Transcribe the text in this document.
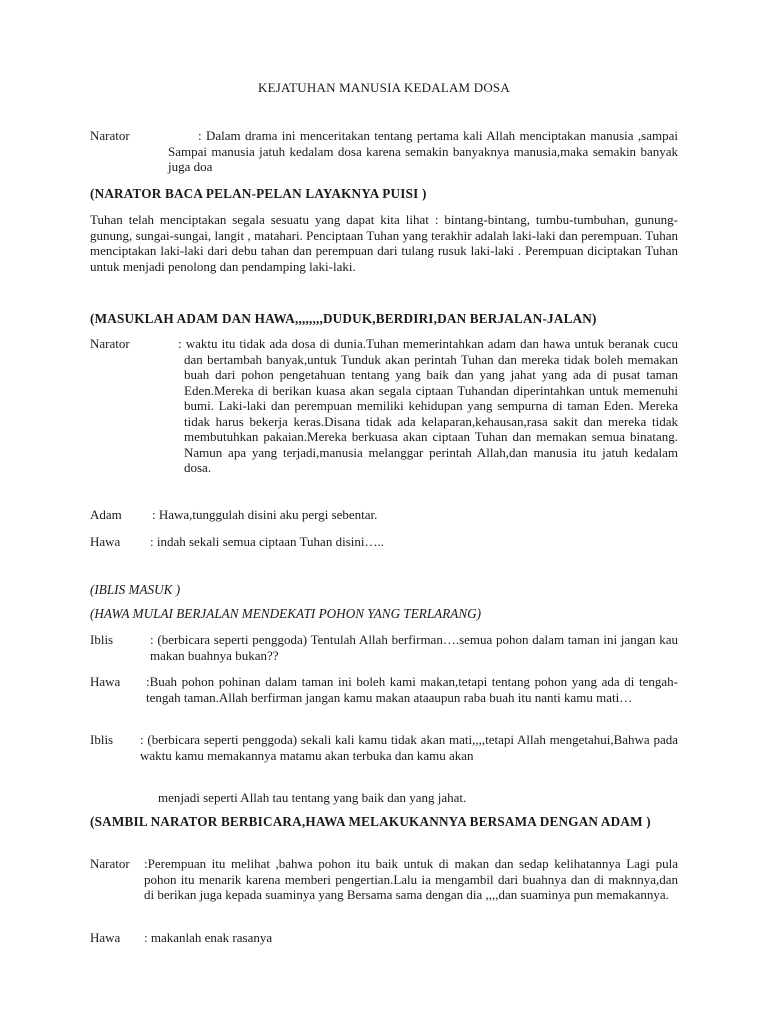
KEJATUHAN MANUSIA KEDALAM DOSA
Narator	: Dalam drama ini menceritakan tentang pertama kali Allah menciptakan manusia ,sampai Sampai manusia jatuh kedalam dosa karena semakin banyaknya manusia,maka semakin banyak juga doa
(NARATOR BACA PELAN-PELAN LAYAKNYA PUISI )
Tuhan telah menciptakan segala sesuatu yang dapat kita lihat : bintang-bintang, tumbu-tumbuhan, gunung-gunung, sungai-sungai, langit , matahari. Penciptaan Tuhan yang terakhir adalah laki-laki dan perempuan. Tuhan menciptakan laki-laki dari debu tahan dan perempuan dari tulang rusuk laki-laki . Perempuan diciptakan Tuhan untuk menjadi penolong dan pendamping laki-laki.
(MASUKLAH ADAM DAN HAWA,,,,,,,,DUDUK,BERDIRI,DAN BERJALAN-JALAN)
Narator	: waktu itu tidak ada dosa di dunia.Tuhan memerintahkan adam dan hawa untuk beranak cucu dan bertambah banyak,untuk Tunduk akan perintah Tuhan dan mereka tidak boleh memakan buah dari pohon pengetahuan tentang yang baik dan yang jahat yang ada di pusat taman Eden.Mereka di berikan kuasa akan segala ciptaan Tuhandan diperintahkan untuk memenuhi bumi. Laki-laki dan perempuan memiliki kehidupan yang sempurna di taman Eden. Mereka tidak harus bekerja keras.Disana tidak ada kelaparan,kehausan,rasa sakit dan mereka tidak membutuhkan pakaian.Mereka berkuasa akan ciptaan Tuhan dan memakan semua binatang. Namun apa yang terjadi,manusia melanggar perintah Allah,dan manusia itu jatuh kedalam dosa.
Adam : Hawa,tunggulah disini aku pergi sebentar.
Hawa : indah sekali semua ciptaan Tuhan disini…..
(IBLIS MASUK )
(HAWA MULAI BERJALAN MENDEKATI POHON YANG TERLARANG)
Iblis	: (berbicara seperti penggoda) Tentulah Allah berfirman….semua pohon dalam taman ini jangan kau makan buahnya bukan??
Hawa :Buah pohon pohinan dalam taman ini boleh kami makan,tetapi tentang pohon yang ada di tengah-tengah taman.Allah berfirman jangan kamu makan ataaupun raba buah itu nanti kamu mati…
Iblis : (berbicara seperti penggoda) sekali kali kamu tidak akan mati,,,,tetapi Allah mengetahui,Bahwa pada waktu kamu memakannya matamu akan terbuka dan kamu akan
menjadi seperti Allah tau tentang yang baik dan yang jahat.
(SAMBIL NARATOR BERBICARA,HAWA MELAKUKANNYA BERSAMA DENGAN ADAM )
Narator :Perempuan itu melihat ,bahwa pohon itu baik untuk di makan dan sedap kelihatannya Lagi pula pohon itu menarik karena memberi pengertian.Lalu ia mengambil dari buahnya dan di maknnya,dan di berikan juga kepada suaminya yang Bersama sama dengan dia ,,,,dan suaminya pun memakannya.
Hawa : makanlah enak rasanya
